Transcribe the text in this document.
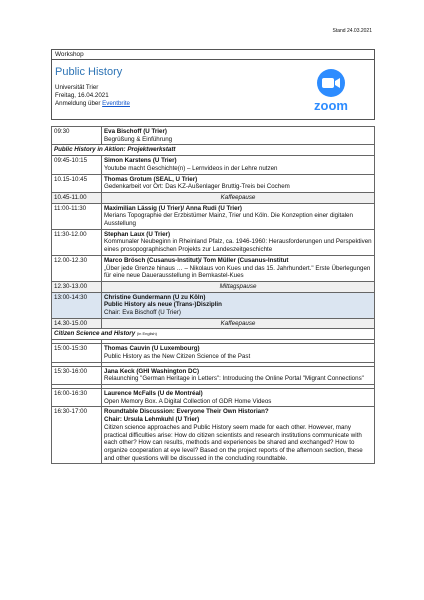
Stand 24.03.2021
Workshop
Public History
Universität Trier
Freitag, 16.04.2021
Anmeldung über Eventbrite	zoom
09:30	Eva Bischoff (U Trier)
Begrüßung & Einführung

Public History in Aktion: Projektwerkstatt	
09:45-10:15	Simon Karstens (U Trier)
Youtube macht Geschichte(n) – Lernvideos in der Lehre nutzen

10.15-10:45	Thomas Grotum (SEAL, U Trier)
Gedenkarbeit vor Ort: Das KZ-Außenlager Bruttig-Treis bei Cochem

10.45-11.00	Kaffeepause

11:00-11:30	Maximilian Lässig (U Trier)/ Anna Rudi (U Trier)
Merians Topographie der Erzbistümer Mainz, Trier und Köln. Die Konzeption einer digitalen Ausstellung

11:30-12.00	Stephan Laux (U Trier)
Kommunaler Neubeginn in Rheinland Pfalz, ca. 1946-1960: Herausforderungen und Perspektiven eines prosopographischen Projekts zur Landeszeitgeschichte

12.00-12.30	Marco Brösch (Cusanus-Institut)/ Tom Müller (Cusanus-Institut
„Über jede Grenze hinaus … – Nikolaus von Kues und das 15. Jahrhundert." Erste Überlegungen für eine neue Dauerausstellung in Bernkastel-Kues

12.30-13.00	Mittagspause

13:00-14:30	Christine Gundermann (U zu Köln)
Public History als neue (Trans-)Disziplin
Chair: Eva Bischoff (U Trier)

14.30-15.00	Kaffeepause

Citizen Science and History (in English)	

15:00-15:30	Thomas Cauvin (U Luxembourg)
Public History as the New Citizen Science of the Past

15:30-16:00	Jana Keck (GHI Washington DC)
Relaunching "German Heritage in Letters": Introducing the Online Portal "Migrant Connections"

16:00-16:30	Laurence McFalls (U de Montréal)
Open Memory Box. A Digital Collection of GDR Home Videos

16:30-17:00	Roundtable Discussion: Everyone Their Own Historian?
Chair: Ursula Lehmkuhl (U Trier)
Citizen science approaches and Public History seem made for each other. However, many practical difficulties arise: How do citizen scientists and research institutions communicate with each other? How can results, methods and experiences be shared and exchanged? How to organize cooperation at eye level? Based on the project reports of the afternoon section, these and other questions will be discussed in the concluding roundtable.
